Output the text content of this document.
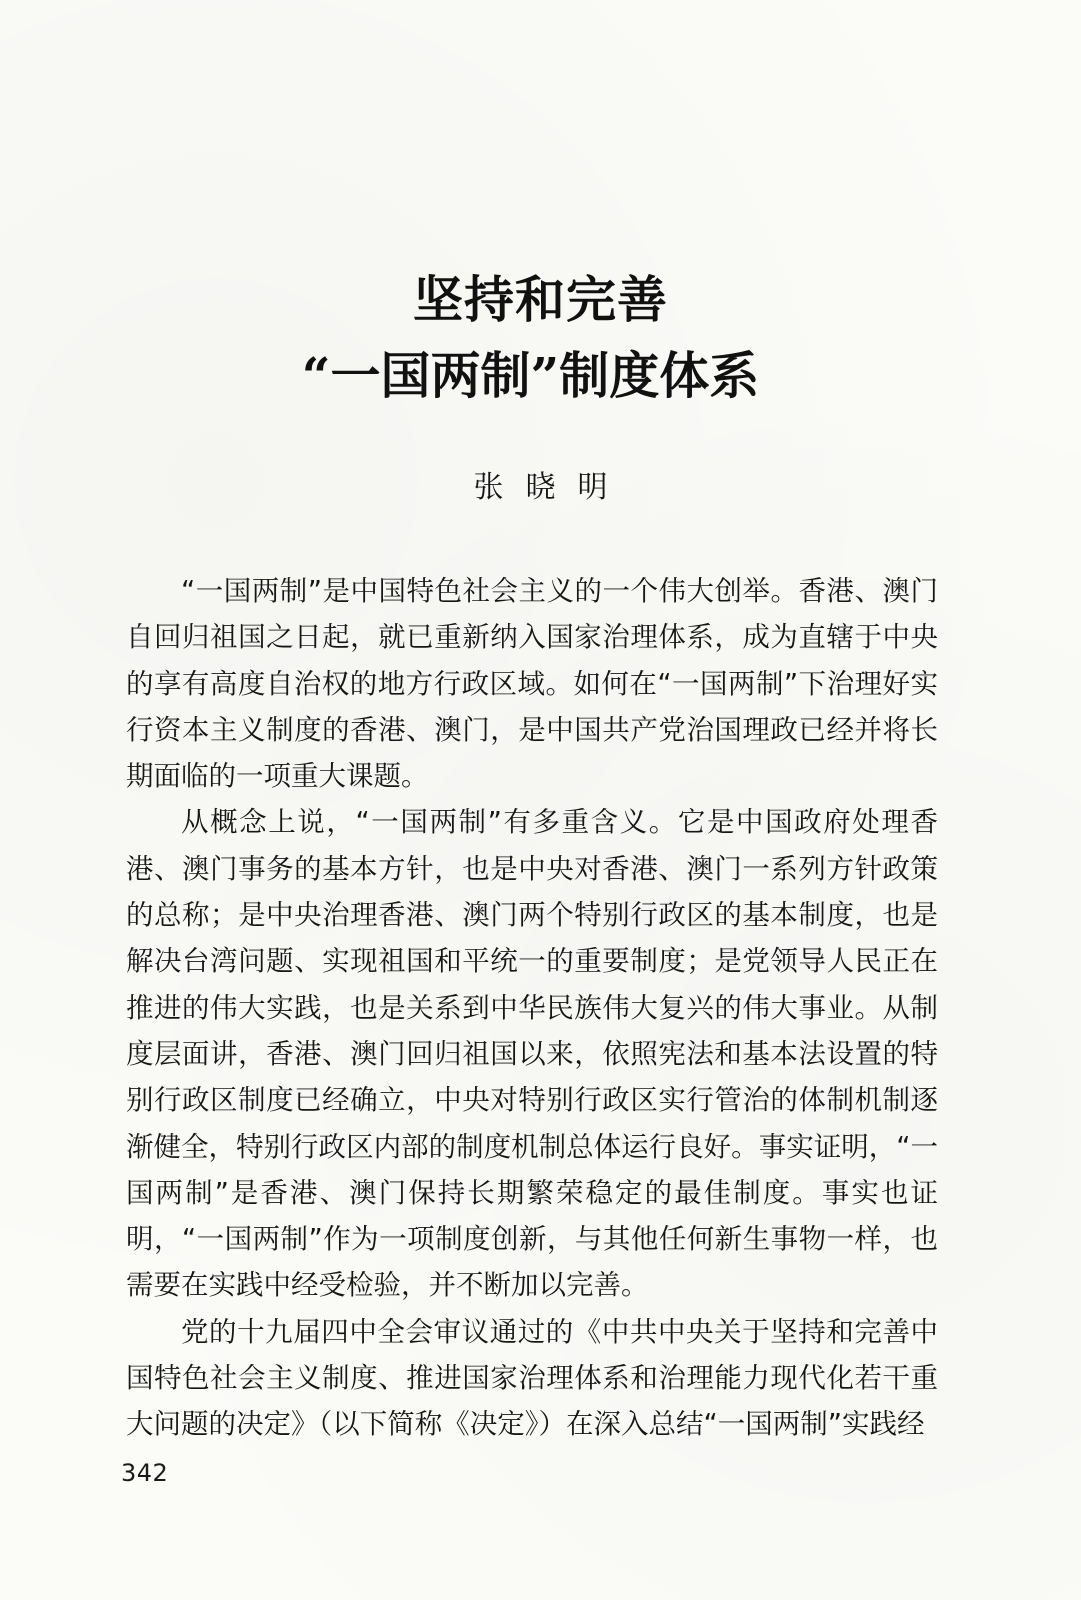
坚持和完善
“一国两制”制度体系
张晓明

“一国两制”是中国特色社会主义的一个伟大创举。香港、澳门自回归祖国之日起，就已重新纳入国家治理体系，成为直辖于中央的享有高度自治权的地方行政区域。如何在“一国两制”下治理好实行资本主义制度的香港、澳门，是中国共产党治国理政已经并将长期面临的一项重大课题。

从概念上说，“一国两制”有多重含义。它是中国政府处理香港、澳门事务的基本方针，也是中央对香港、澳门一系列方针政策的总称；是中央治理香港、澳门两个特别行政区的基本制度，也是解决台湾问题、实现祖国和平统一的重要制度；是党领导人民正在推进的伟大实践，也是关系到中华民族伟大复兴的伟大事业。从制度层面讲，香港、澳门回归祖国以来，依照宪法和基本法设置的特别行政区制度已经确立，中央对特别行政区实行管治的体制机制逐渐健全，特别行政区内部的制度机制总体运行良好。事实证明，“一国两制”是香港、澳门保持长期繁荣稳定的最佳制度。事实也证明，“一国两制”作为一项制度创新，与其他任何新生事物一样，也需要在实践中经受检验，并不断加以完善。

党的十九届四中全会审议通过的《中共中央关于坚持和完善中国特色社会主义制度、推进国家治理体系和治理能力现代化若干重大问题的决定》（以下简称《决定》）在深入总结“一国两制”实践经

342
